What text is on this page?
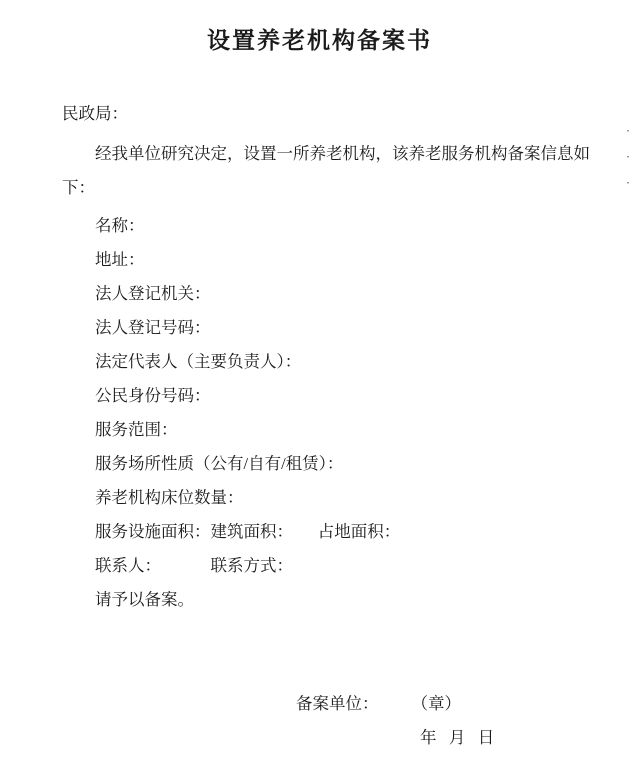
设置养老机构备案书

民政局：

经我单位研究决定，设置一所养老机构，该养老服务机构备案信息如下：

名称：
地址：
法人登记机关：
法人登记号码：
法定代表人（主要负责人）：
公民身份号码：
服务范围：
服务场所性质（公有/自有/租赁）：
养老机构床位数量：
服务设施面积：建筑面积：      占地面积：
联系人：            联系方式：

请予以备案。

备案单位：        （章）

年   月   日

·
·
·
